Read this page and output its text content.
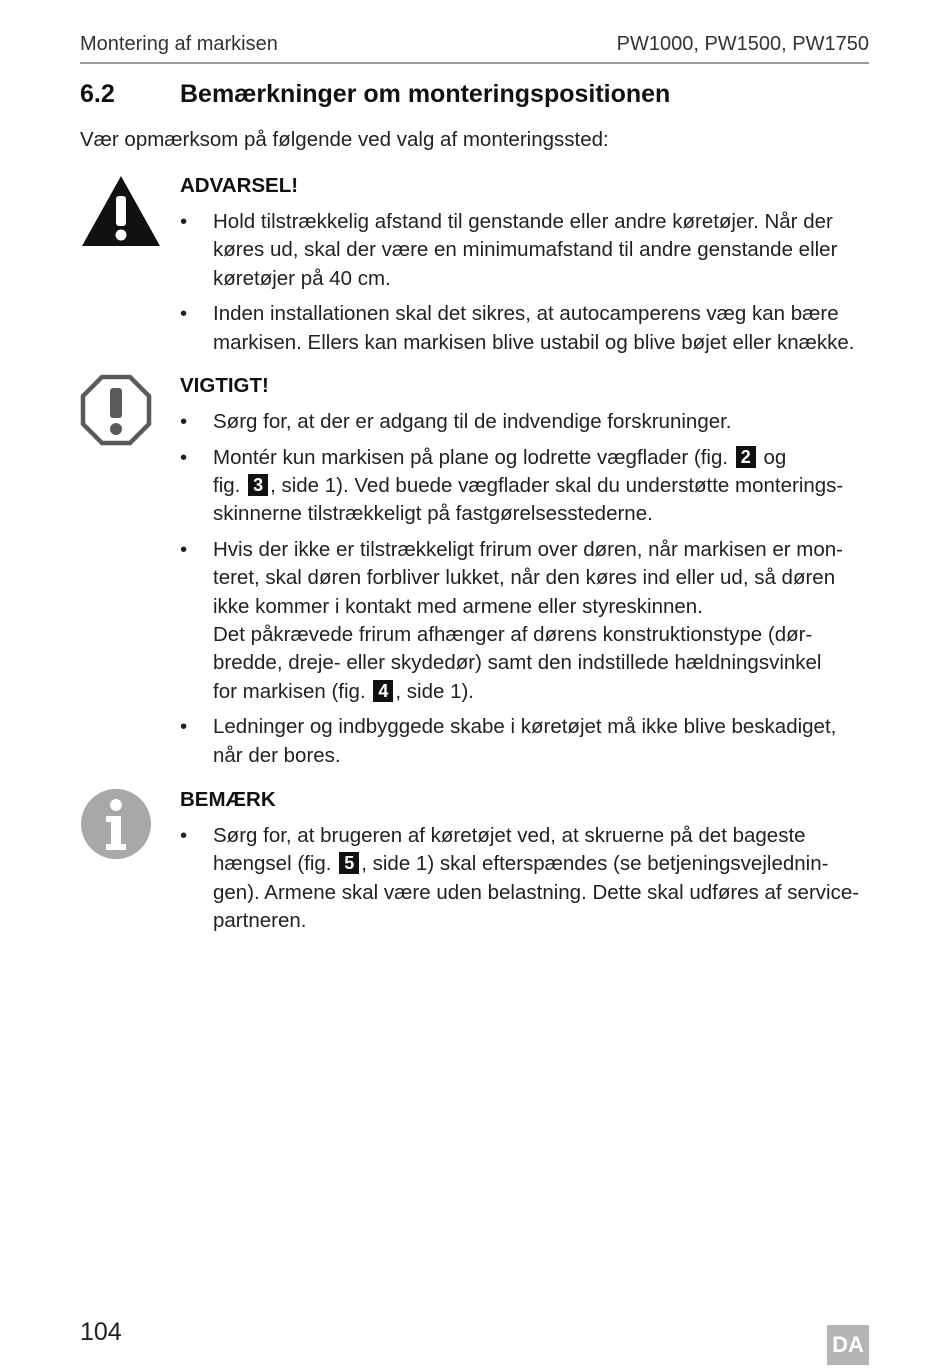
Montering af markisen	PW1000, PW1500, PW1750
6.2	Bemærkninger om monteringspositionen
Vær opmærksom på følgende ved valg af monteringssted:
ADVARSEL!
• Hold tilstrækkelig afstand til genstande eller andre køretøjer. Når der
køres ud, skal der være en minimumafstand til andre genstande eller
køretøjer på 40 cm.
• Inden installationen skal det sikres, at autocamperens væg kan bære
markisen. Ellers kan markisen blive ustabil og blive bøjet eller knække.
VIGTIGT!
• Sørg for, at der er adgang til de indvendige forskruninger.
• Montér kun markisen på plane og lodrette vægflader (fig. 2 og
fig. 3 , side 1). Ved buede vægflader skal du understøtte monterings-
skinnerne tilstrækkeligt på fastgørelsesstederne.
• Hvis der ikke er tilstrækkeligt frirum over døren, når markisen er mon-
teret, skal døren forbliver lukket, når den køres ind eller ud, så døren
ikke kommer i kontakt med armene eller styreskinnen.
Det påkrævede frirum afhænger af dørens konstruktionstype (dør-
bredde, dreje- eller skydedør) samt den indstillede hældningsvinkel
for markisen (fig. 4 , side 1).
• Ledninger og indbyggede skabe i køretøjet må ikke blive beskadiget,
når der bores.
BEMÆRK
• Sørg for, at brugeren af køretøjet ved, at skruerne på det bageste
hængsel (fig. 5 , side 1) skal efterspændes (se betjeningsvejlednin-
gen). Armene skal være uden belastning. Dette skal udføres af service-
partneren.
104	DA
